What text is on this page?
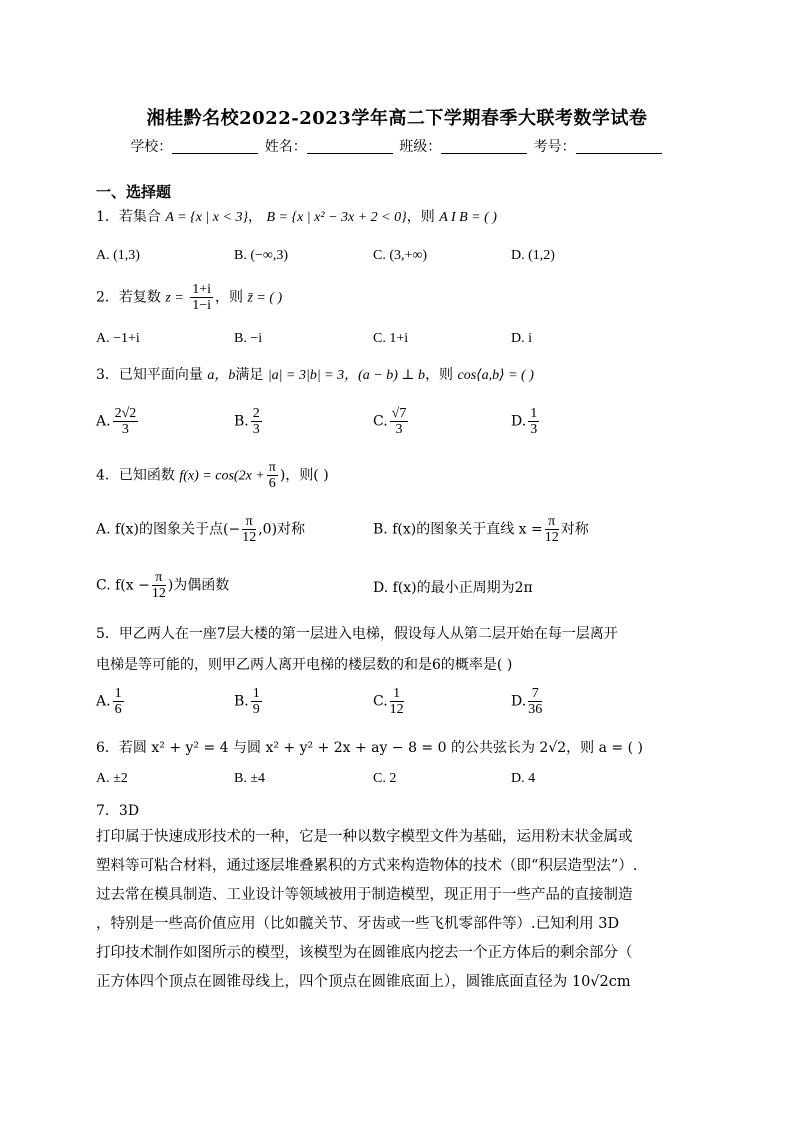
湘桂黔名校2022-2023学年高二下学期春季大联考数学试卷
学校：	姓名：	班级：	考号：
一、选择题
1．若集合 A = {x | x < 3}， B = {x | x² − 3x + 2 < 0}，则 A I B = ( )
A. (1,3)	B. (−∞,3)	C. (3,+∞)	D. (1,2)
2．若复数 $z = \frac{1+i}{1-i}$ ，则 z̄ = ( )
A. −1+i	B. −i	C. 1+i	D. i
3．已知平面向量 a，b满足 |a| = 3|b| = 3，(a − b) ⊥ b，则 cos⟨a,b⟩ = ( )
A. $\frac{2√2}{3}$	B. $\frac{2}{3}$	C. $\frac{√7}{3}$	D. $\frac{1}{3}$
4．已知函数 $f(x) = \cos(2x + \frac{\pi}{6}$ )，则( )
A. f(x)的图象关于点(− $\frac{\pi}{12} ,0$)对称	B. f(x)的图象关于直线 $x = \frac{\pi}{12}$ 对称
C. $f(x - \frac{\pi}{12}$ )为偶函数	D. f(x)的最小正周期为2π
5．甲乙两人在一座7层大楼的第一层进入电梯，假设每人从第二层开始在每一层离开
电梯是等可能的，则甲乙两人离开电梯的楼层数的和是6的概率是( )
A. $\frac{1}{6}$	B. $\frac{1}{9}$	C. $\frac{1}{12}$	D. $\frac{7}{36}$
6．若圆 x² + y² = 4 与圆 x² + y² + 2x + ay − 8 = 0 的公共弦长为 2√2，则 a = ( )
A. ±2	B. ±4	C. 2	D. 4
7．3D

打印属于快速成形技术的一种，它是一种以数字模型文件为基础，运用粉末状金属或

塑料等可粘合材料，通过逐层堆叠累积的方式来构造物体的技术（即“积层造型法”）.

过去常在模具制造、工业设计等领域被用于制造模型，现正用于一些产品的直接制造

，特别是一些高价值应用（比如髋关节、牙齿或一些飞机零部件等）.已知利用 3D

打印技术制作如图所示的模型，该模型为在圆锥底内挖去一个正方体后的剩余部分（

正方体四个顶点在圆锥母线上，四个顶点在圆锥底面上），圆锥底面直径为 10√2cm
